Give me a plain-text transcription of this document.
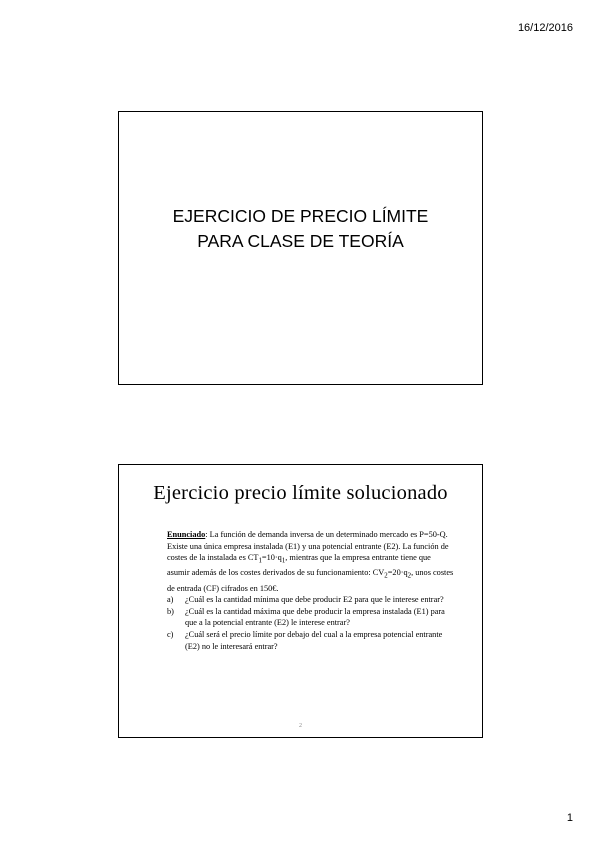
16/12/2016
EJERCICIO DE PRECIO LÍMITE
PARA CLASE DE TEORÍA
Ejercicio precio límite solucionado

Enunciado: La función de demanda inversa de un determinado mercado es P=50-Q. Existe una única empresa instalada (E1) y una potencial entrante (E2). La función de costes de la instalada es $CT_1=10\cdot q_1$, mientras que la empresa entrante tiene que asumir además de los costes derivados de su funcionamiento: $CV_2=20\cdot q_2$, unos costes de entrada (CF) cifrados en 150€.

a)	¿Cuál es la cantidad mínima que debe producir E2 para que le interese entrar?
b)	¿Cuál es la cantidad máxima que debe producir la empresa instalada (E1) para que a la potencial entrante (E2) le interese entrar?
c)	¿Cuál será el precio límite por debajo del cual a la empresa potencial entrante (E2) no le interesará entrar?
2
1
